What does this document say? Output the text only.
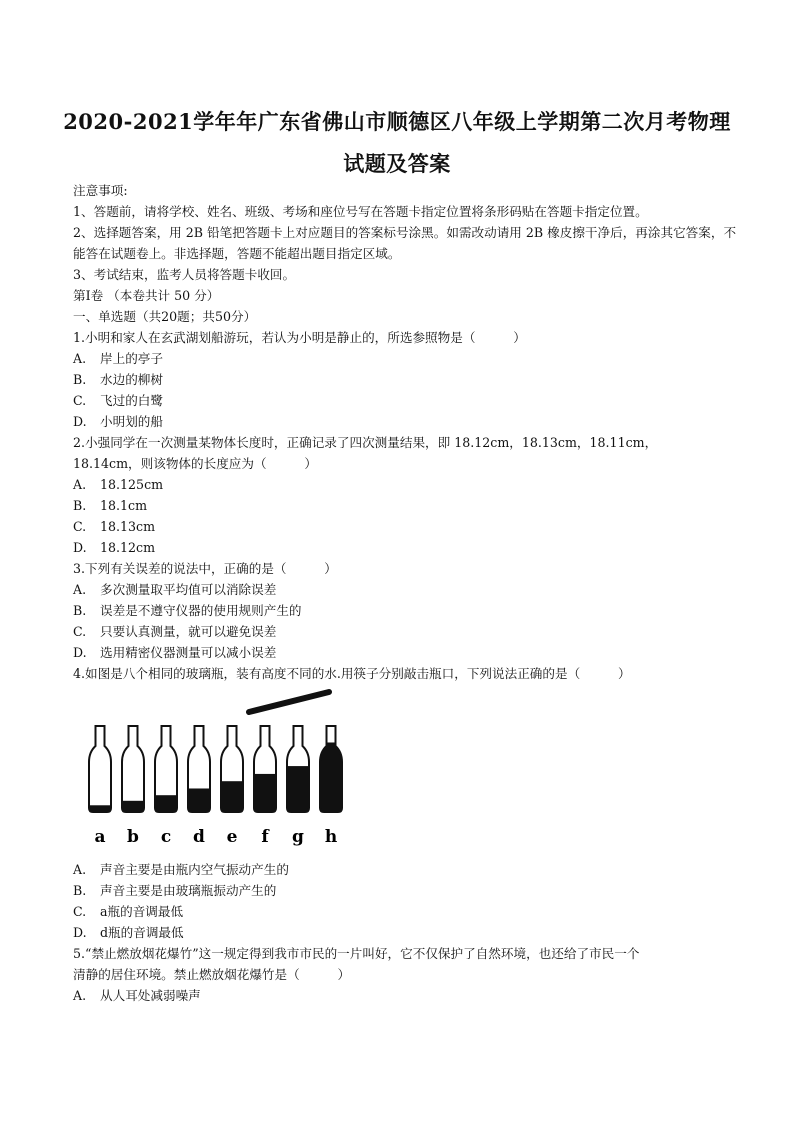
2020-2021学年年广东省佛山市顺德区八年级上学期第二次月考物理
试题及答案

注意事项:

1、答题前，请将学校、姓名、班级、考场和座位号写在答题卡指定位置将条形码贴在答题卡指定位置。

2、选择题答案，用 2B 铅笔把答题卡上对应题目的答案标号涂黑。如需改动请用 2B 橡皮擦干净后，再涂其它答案，不

能答在试题卷上。非选择题，答题不能超出题目指定区域。

3、考试结束，监考人员将答题卡收回。

第Ⅰ卷 （本卷共计 50 分）

一、单选题（共20题；共50分）

1.小明和家人在玄武湖划船游玩，若认为小明是静止的，所选参照物是（　　　）

A.	岸上的亭子

B.	水边的柳树

C.	飞过的白鹭

D.	小明划的船

2.小强同学在一次测量某物体长度时，正确记录了四次测量结果，即 18.12cm，18.13cm，18.11cm，

18.14cm，则该物体的长度应为（　　　）

A.	18.125cm

B.	18.1cm

C.	18.13cm

D.	18.12cm

3.下列有关误差的说法中，正确的是（　　　）

A.	多次测量取平均值可以消除误差

B.	误差是不遵守仪器的使用规则产生的

C.	只要认真测量，就可以避免误差

D.	选用精密仪器测量可以减小误差

4.如图是八个相同的玻璃瓶，装有高度不同的水.用筷子分别敲击瓶口，下列说法正确的是（　　　）

a b c d e f g h

A.	声音主要是由瓶内空气振动产生的

B.	声音主要是由玻璃瓶振动产生的

C.	a瓶的音调最低

D.	d瓶的音调最低

5.“禁止燃放烟花爆竹”这一规定得到我市市民的一片叫好，它不仅保护了自然环境，也还给了市民一个

清静的居住环境。禁止燃放烟花爆竹是（　　　）

A.	从人耳处减弱噪声
